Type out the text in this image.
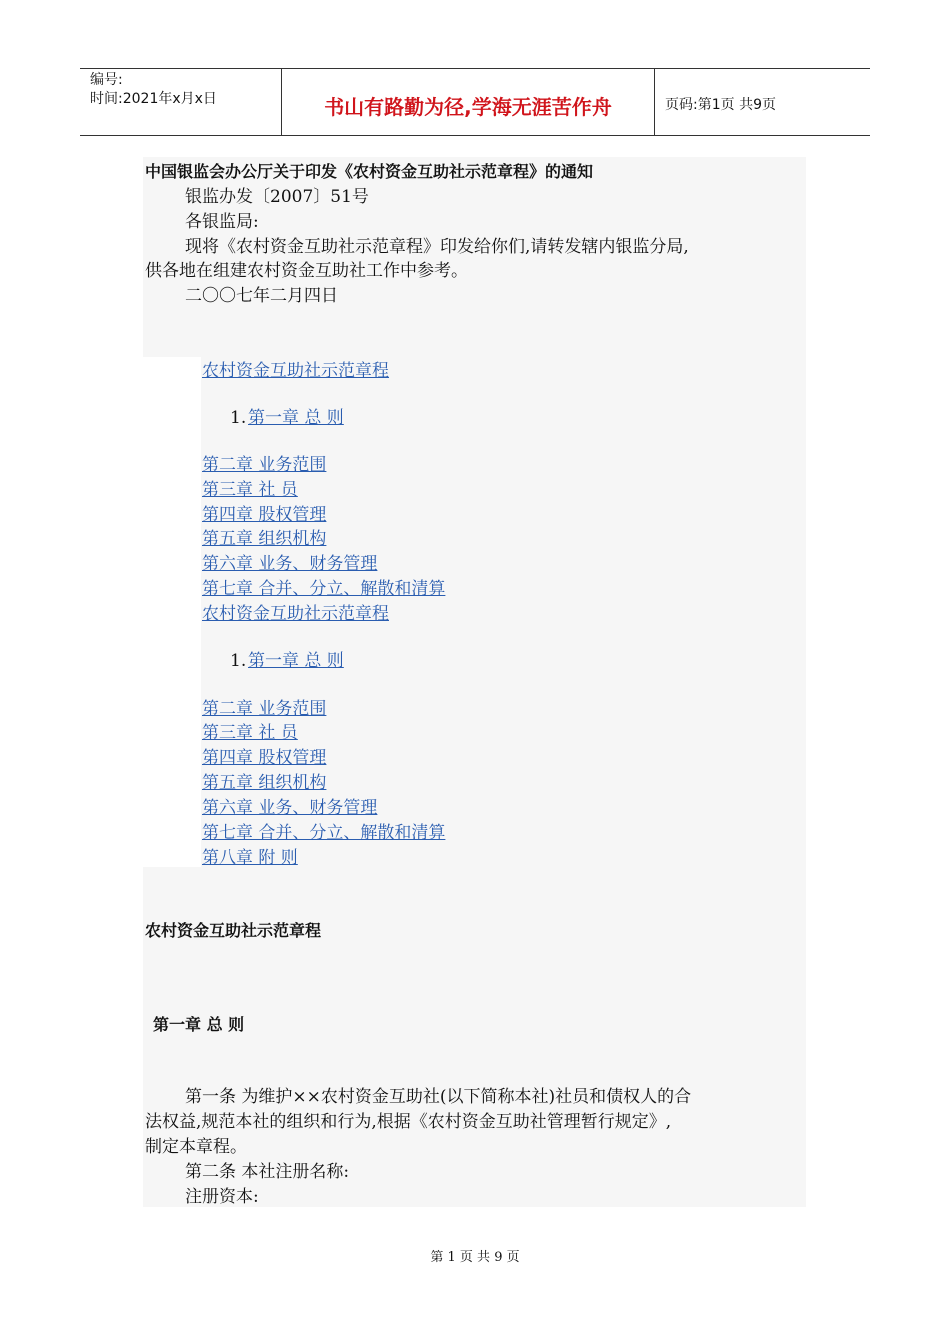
编号:
时间:2021年x月x日	书山有路勤为径,学海无涯苦作舟	页码:第1页 共9页
中国银监会办公厅关于印发《农村资金互助社示范章程》的通知
银监办发〔2007〕51号
各银监局:
现将《农村资金互助社示范章程》印发给你们,请转发辖内银监分局,
供各地在组建农村资金互助社工作中参考。
二〇〇七年二月四日
农村资金互助社示范章程
1. 第一章 总 则
第二章 业务范围
第三章 社 员
第四章 股权管理
第五章 组织机构
第六章 业务、财务管理
第七章 合并、分立、解散和清算
农村资金互助社示范章程
1. 第一章 总 则
第二章 业务范围
第三章 社 员
第四章 股权管理
第五章 组织机构
第六章 业务、财务管理
第七章 合并、分立、解散和清算
第八章 附 则
农村资金互助社示范章程
第一章 总 则
第一条 为维护××农村资金互助社(以下简称本社)社员和债权人的合
法权益,规范本社的组织和行为,根据《农村资金互助社管理暂行规定》,
制定本章程。
第二条 本社注册名称:
注册资本:
第 1 页 共 9 页
